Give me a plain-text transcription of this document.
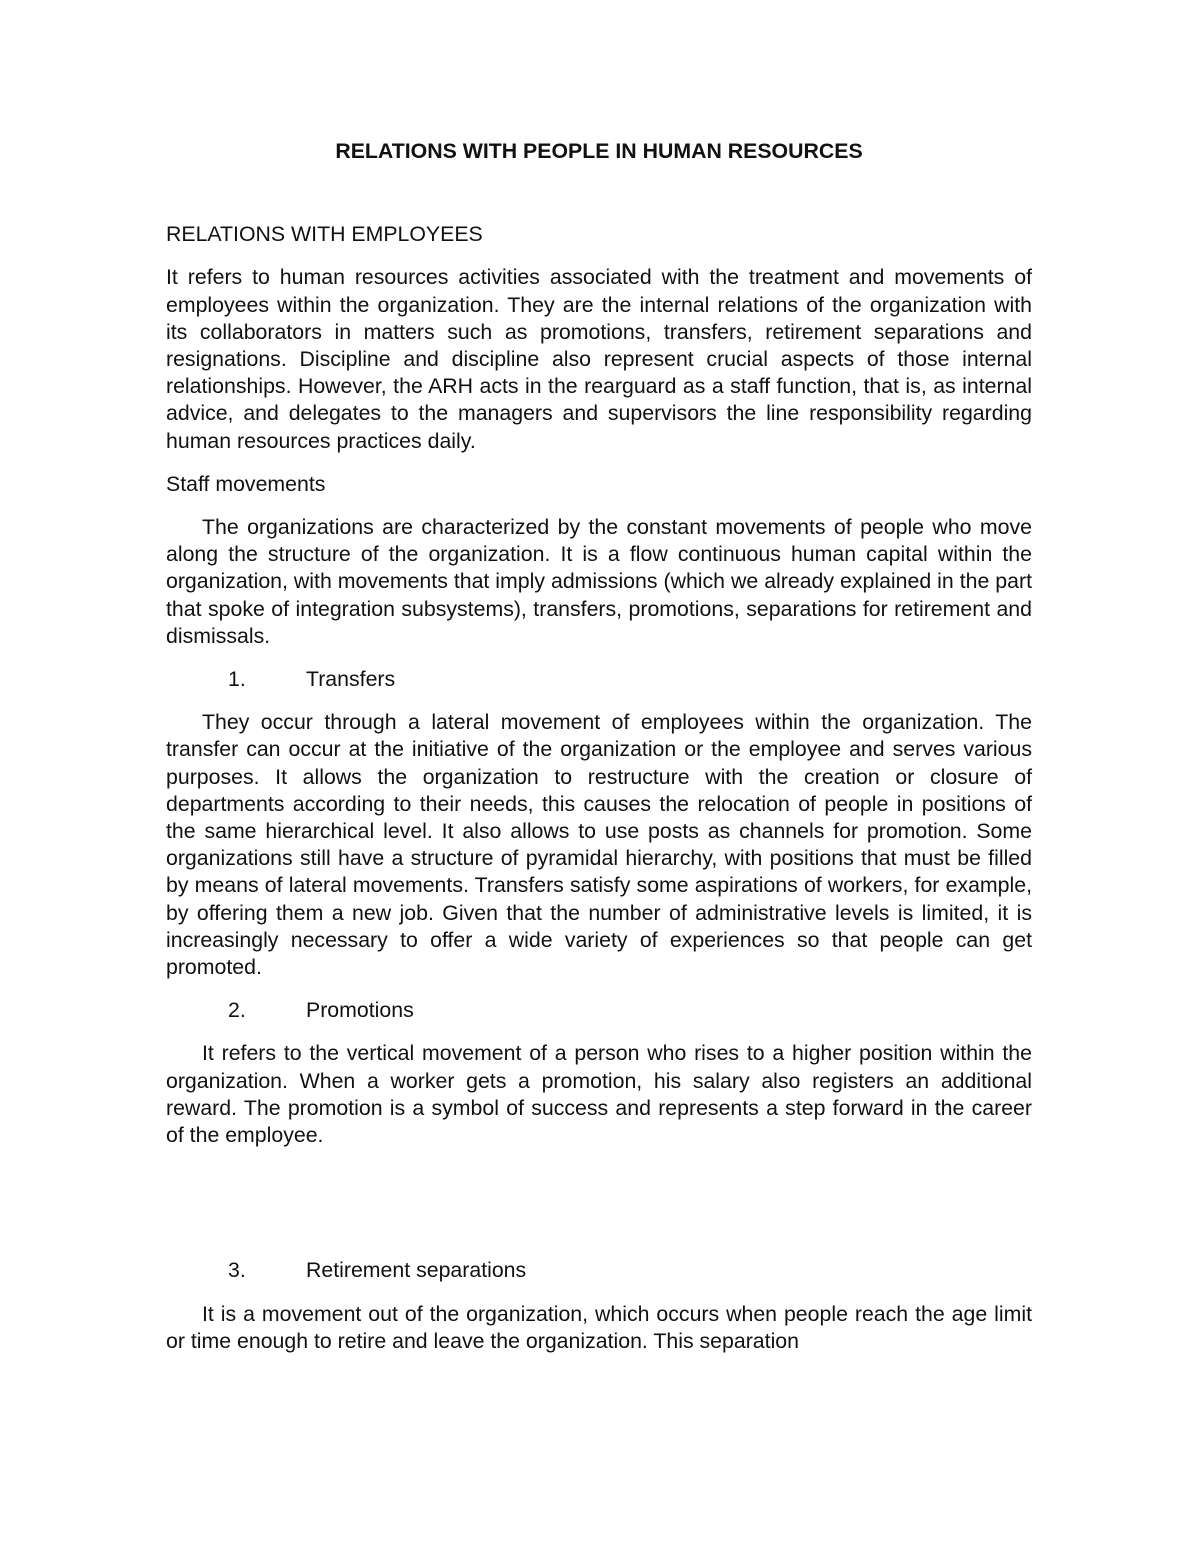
RELATIONS WITH PEOPLE IN HUMAN RESOURCES
RELATIONS WITH EMPLOYEES

It refers to human resources activities associated with the treatment and movements of employees within the organization. They are the internal relations of the organization with its collaborators in matters such as promotions, transfers, retirement separations and resignations. Discipline and discipline also represent crucial aspects of those internal relationships. However, the ARH acts in the rearguard as a staff function, that is, as internal advice, and delegates to the managers and supervisors the line responsibility regarding human resources practices daily.

Staff movements

The organizations are characterized by the constant movements of people who move along the structure of the organization. It is a flow continuous human capital within the organization, with movements that imply admissions (which we already explained in the part that spoke of integration subsystems), transfers, promotions, separations for retirement and dismissals.

1.	Transfers

They occur through a lateral movement of employees within the organization. The transfer can occur at the initiative of the organization or the employee and serves various purposes. It allows the organization to restructure with the creation or closure of departments according to their needs, this causes the relocation of people in positions of the same hierarchical level. It also allows to use posts as channels for promotion. Some organizations still have a structure of pyramidal hierarchy, with positions that must be filled by means of lateral movements. Transfers satisfy some aspirations of workers, for example, by offering them a new job. Given that the number of administrative levels is limited, it is increasingly necessary to offer a wide variety of experiences so that people can get promoted.

2.	Promotions

It refers to the vertical movement of a person who rises to a higher position within the organization. When a worker gets a promotion, his salary also registers an additional reward. The promotion is a symbol of success and represents a step forward in the career of the employee.

3.	Retirement separations

It is a movement out of the organization, which occurs when people reach the age limit or time enough to retire and leave the organization. This separation
